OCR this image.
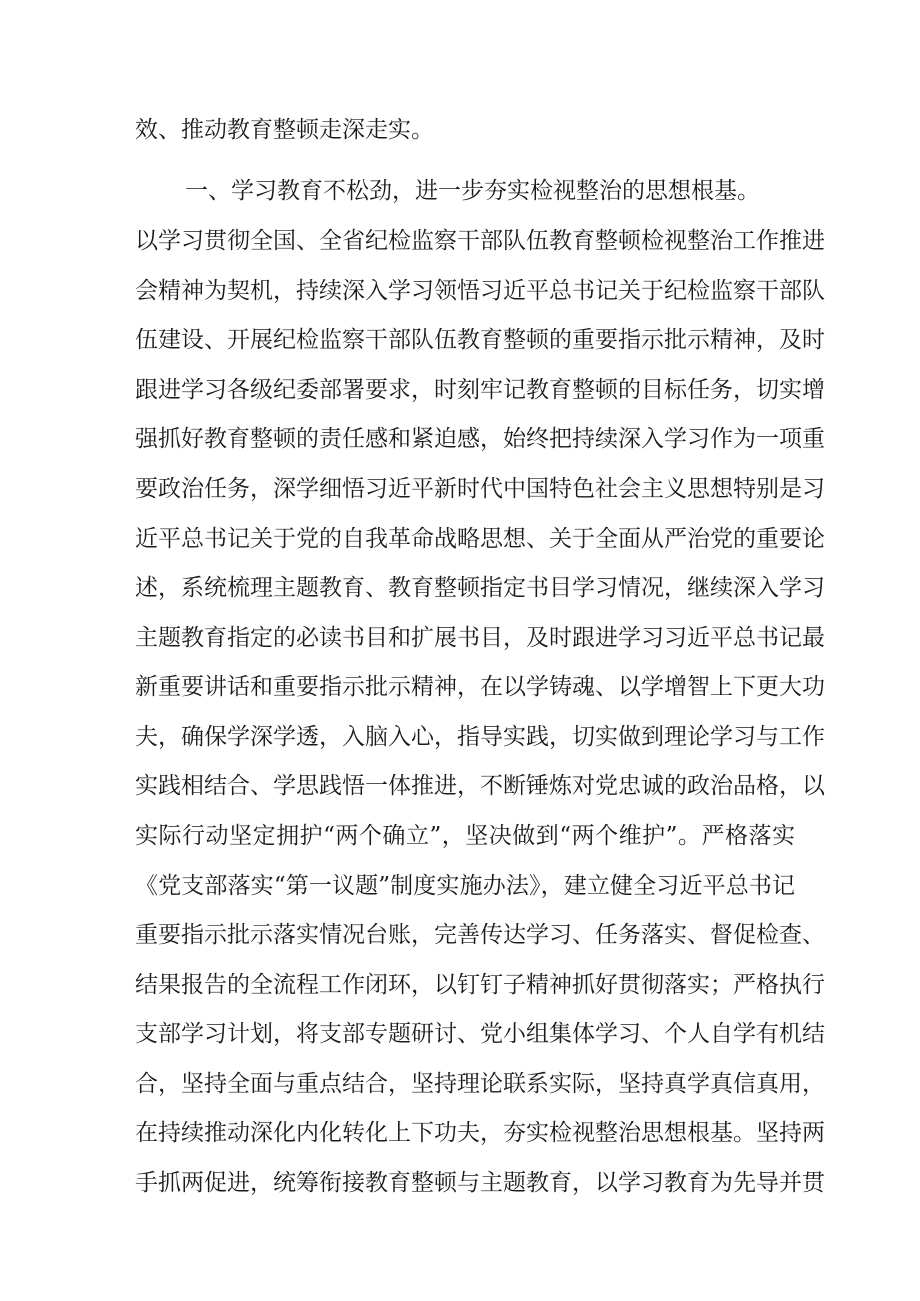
效、推动教育整顿走深走实。
一、学习教育不松劲，进一步夯实检视整治的思想根基。
以学习贯彻全国、全省纪检监察干部队伍教育整顿检视整治工作推进
会精神为契机，持续深入学习领悟习近平总书记关于纪检监察干部队
伍建设、开展纪检监察干部队伍教育整顿的重要指示批示精神，及时
跟进学习各级纪委部署要求，时刻牢记教育整顿的目标任务，切实增
强抓好教育整顿的责任感和紧迫感，始终把持续深入学习作为一项重
要政治任务，深学细悟习近平新时代中国特色社会主义思想特别是习
近平总书记关于党的自我革命战略思想、关于全面从严治党的重要论
述，系统梳理主题教育、教育整顿指定书目学习情况，继续深入学习
主题教育指定的必读书目和扩展书目，及时跟进学习习近平总书记最
新重要讲话和重要指示批示精神，在以学铸魂、以学增智上下更大功
夫，确保学深学透，入脑入心，指导实践，切实做到理论学习与工作
实践相结合、学思践悟一体推进，不断锤炼对党忠诚的政治品格，以
实际行动坚定拥护“两个确立”，坚决做到“两个维护”。严格落实
《党支部落实“第一议题”制度实施办法》，建立健全习近平总书记
重要指示批示落实情况台账，完善传达学习、任务落实、督促检查、
结果报告的全流程工作闭环，以钉钉子精神抓好贯彻落实；严格执行
支部学习计划，将支部专题研讨、党小组集体学习、个人自学有机结
合，坚持全面与重点结合，坚持理论联系实际，坚持真学真信真用，
在持续推动深化内化转化上下功夫，夯实检视整治思想根基。坚持两
手抓两促进，统筹衔接教育整顿与主题教育，以学习教育为先导并贯
